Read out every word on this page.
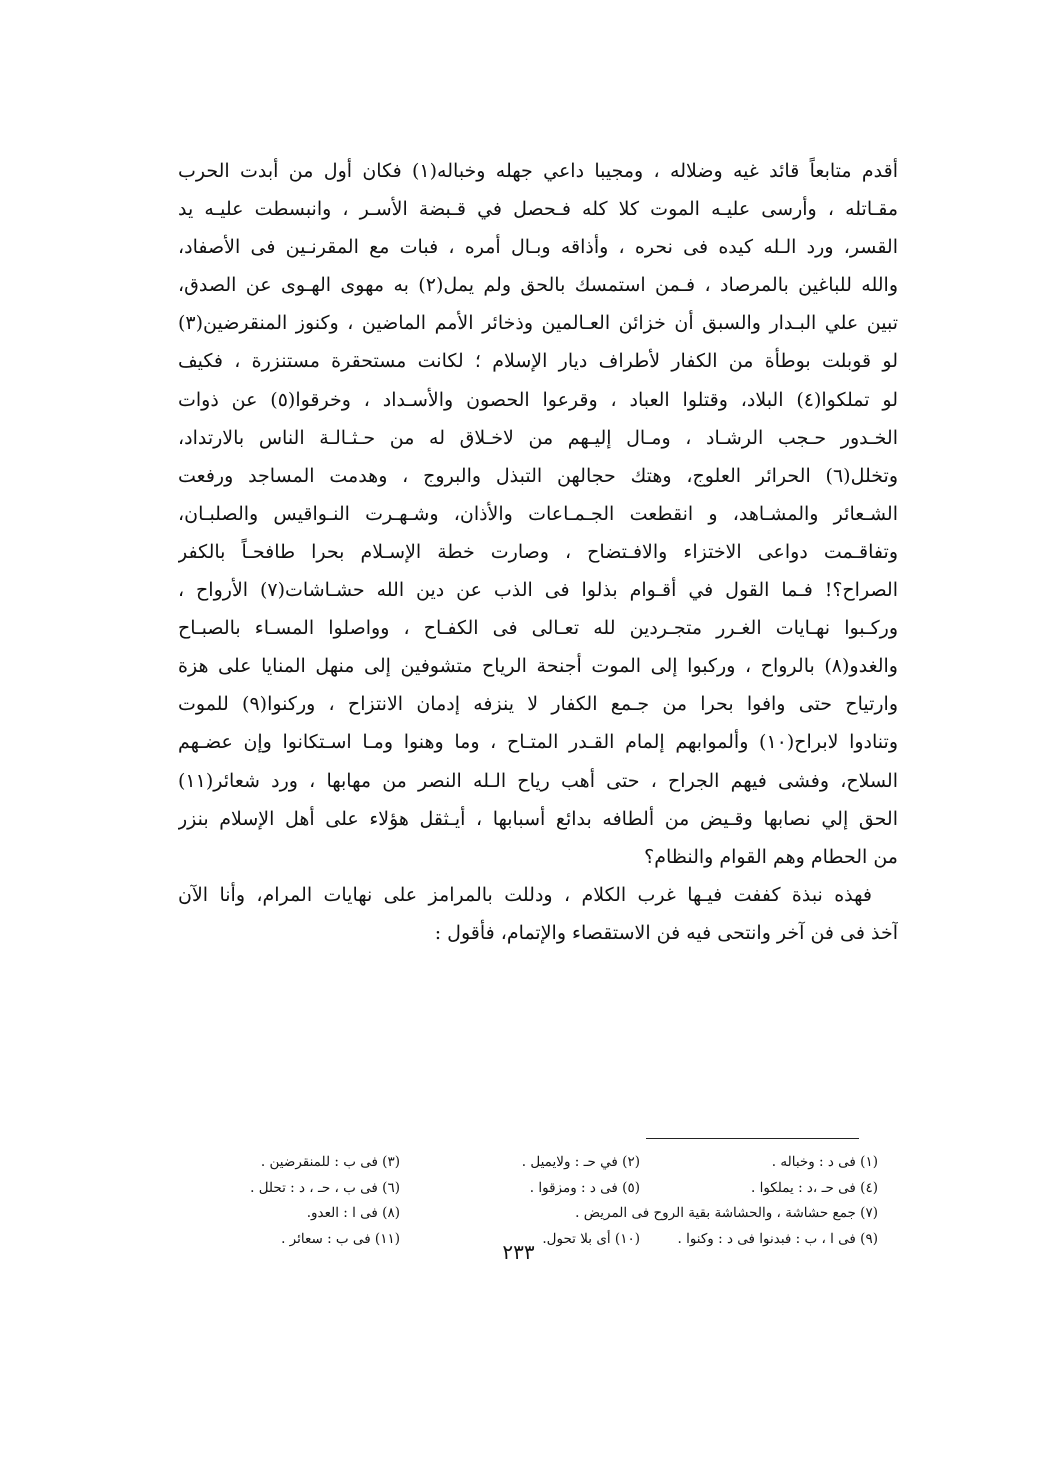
أقدم متابعاً قائد غيه وضلاله ، ومجيبا داعي جهله وخباله(١) فكان أول من أبدت الحرب
مقـاتله ، وأرسى عليـه الموت كلا كله فـحصل في قـبضة الأسـر ، وانبسطت عليـه يد
القسر، ورد الـله كيده فى نحره ، وأذاقه وبـال أمره ، فبات مع المقرنـين فى الأصفاد،
والله للباغين بالمرصاد ، فـمن استمسك بالحق ولم يمل(٢) به مهوى الهـوى عن الصدق،
تبين علي البـدار والسبق أن خزائن العـالمين وذخائر الأمم الماضين ، وكنوز المنقرضين(٣)
لو قوبلت بوطأة من الكفار لأطراف ديار الإسلام ؛ لكانت مستحقرة مستنزرة ، فكيف
لو تملكوا(٤) البلاد، وقتلوا العباد ، وقرعوا الحصون والأسـداد ، وخرقوا(٥) عن ذوات
الخـدور حـجب الرشـاد ، ومـال إليـهم من لاخـلاق له من حـثـالـة الناس بالارتداد،
وتخلل(٦) الحرائر العلوج، وهتك حجالهن التبذل والبروج ، وهدمت المساجد ورفعت
الشـعائر والمشـاهد، و انقطعت الجـمـاعات والأذان، وشـهـرت النـواقيس والصلبـان،
وتفاقـمت دواعى الاختزاء والافـتضاح ، وصارت خطة الإسـلام بحرا طافحـاً بالكفر
الصراح؟! فـما القول في أقـوام بذلوا فى الذب عن دين الله حشـاشات(٧) الأرواح ،
وركـبوا نهـايات الغـرر متجـردين لله تعـالى فى الكفـاح ، وواصلوا المسـاء بالصبـاح
والغدو(٨) بالرواح ، وركبوا إلى الموت أجنحة الرياح متشوفين إلى منهل المنايا على هزة
وارتياح حتى وافوا بحرا من جـمع الكفار لا ينزفه إدمان الانتزاح ، وركنوا(٩) للموت
وتنادوا لابراح(١٠) وألموابهم إلمام القـدر المتـاح ، وما وهنوا ومـا اسـتكانوا وإن عضـهم
السلاح، وفشى فيهم الجراح ، حتى أهب رياح الـله النصر من مهابها ، ورد شعائر(١١)
الحق إلي نصابها وقـيض من ألطافه بدائع أسبابها ، أيـثقل هؤلاء على أهل الإسلام بنزر
من الحطام وهم القوام والنظام؟
فهذه نبذة كففت فيـها غرب الكلام ، ودللت بالمرامز على نهايات المرام، وأنا الآن
آخذ فى فن آخر وانتحى فيه فن الاستقصاء والإتمام، فأقول :
(١) فى د : وخباله .
(٢) في حـ : ولايميل .
(٣) فى ب : للمنقرضين .
(٤) فى حـ ،د : يملكوا .
(٥) فى د : ومزقوا .
(٦) فى ب ، حـ ، د : تحلل .
(٧) جمع حشاشة ، والحشاشة بقية الروح فى المريض .
(٨) فى ا : العدو.
(٩) فى ا ، ب : فبدنوا فى د : وكنوا .
(١٠) أى بلا تحول.
(١١) فى ب : سعائر .
٢٣٣
